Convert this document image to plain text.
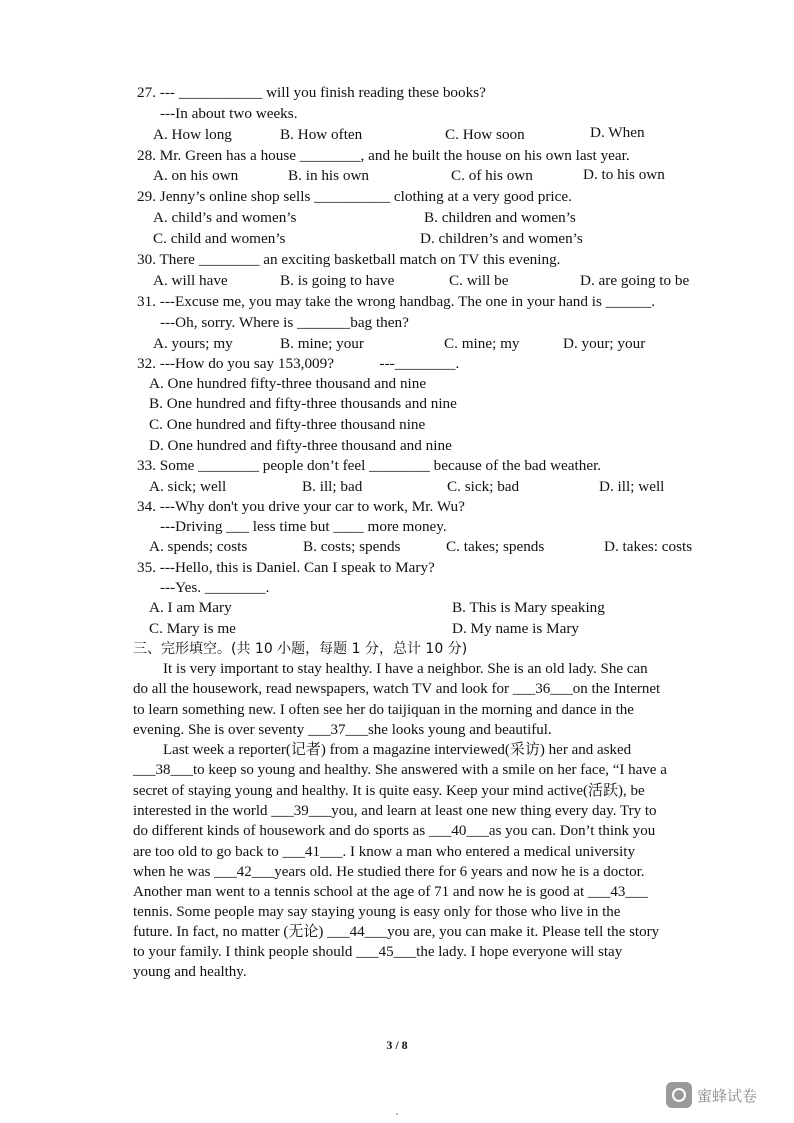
27. --- ___________ will you finish reading these books?
---In about two weeks.
A. How long	B. How often	C. How soon	D. When
28. Mr. Green has a house ________, and he built the house on his own last year.
A. on his own	B. in his own	C. of his own	D. to his own
29. Jenny’s online shop sells __________ clothing at a very good price.
A. child’s and women’s	B. children and women’s
C. child and women’s	D. children’s and women’s
30. There ________ an exciting basketball match on TV this evening.
A. will have	B. is going to have	C. will be	D. are going to be
31. ---Excuse me, you may take the wrong handbag. The one in your hand is ______.
---Oh, sorry. Where is _______bag then?
A. yours; my	B. mine; your	C. mine; my	D. your; your
32. ---How do you say 153,009?            ---________.
A. One hundred fifty-three thousand and nine
B. One hundred and fifty-three thousands and nine
C. One hundred and fifty-three thousand nine
D. One hundred and fifty-three thousand and nine
33. Some ________ people don’t feel ________ because of the bad weather.
A. sick; well	B. ill; bad	C. sick; bad	D. ill; well
34. ---Why don't you drive your car to work, Mr. Wu?
---Driving ___ less time but ____ more money.
A. spends; costs	B. costs; spends	C. takes; spends	D. takes: costs
35. ---Hello, this is Daniel. Can I speak to Mary?
---Yes. ________.
A. I am Mary	B. This is Mary speaking
C. Mary is me	D. My name is Mary
三、完形填空。(共 10 小题，每题 1 分，总计 10 分)
It is very important to stay healthy. I have a neighbor. She is an old lady. She can
do all the housework, read newspapers, watch TV and look for ___36___on the Internet
to learn something new. I often see her do taijiquan in the morning and dance in the
evening. She is over seventy ___37___she looks young and beautiful.
Last week a reporter(记者) from a magazine interviewed(采访) her and asked
___38___to keep so young and healthy. She answered with a smile on her face, “I have a
secret of staying young and healthy. It is quite easy. Keep your mind active(活跃), be
interested in the world ___39___you, and learn at least one new thing every day. Try to
do different kinds of housework and do sports as ___40___as you can. Don’t think you
are too old to go back to ___41___. I know a man who entered a medical university
when he was ___42___years old. He studied there for 6 years and now he is a doctor.
Another man went to a tennis school at the age of 71 and now he is good at ___43___
tennis. Some people may say staying young is easy only for those who live in the
future. In fact, no matter (无论) ___44___you are, you can make it. Please tell the story
to your family. I think people should ___45___the lady. I hope everyone will stay
young and healthy.
3 / 8
蜜蜂试卷
